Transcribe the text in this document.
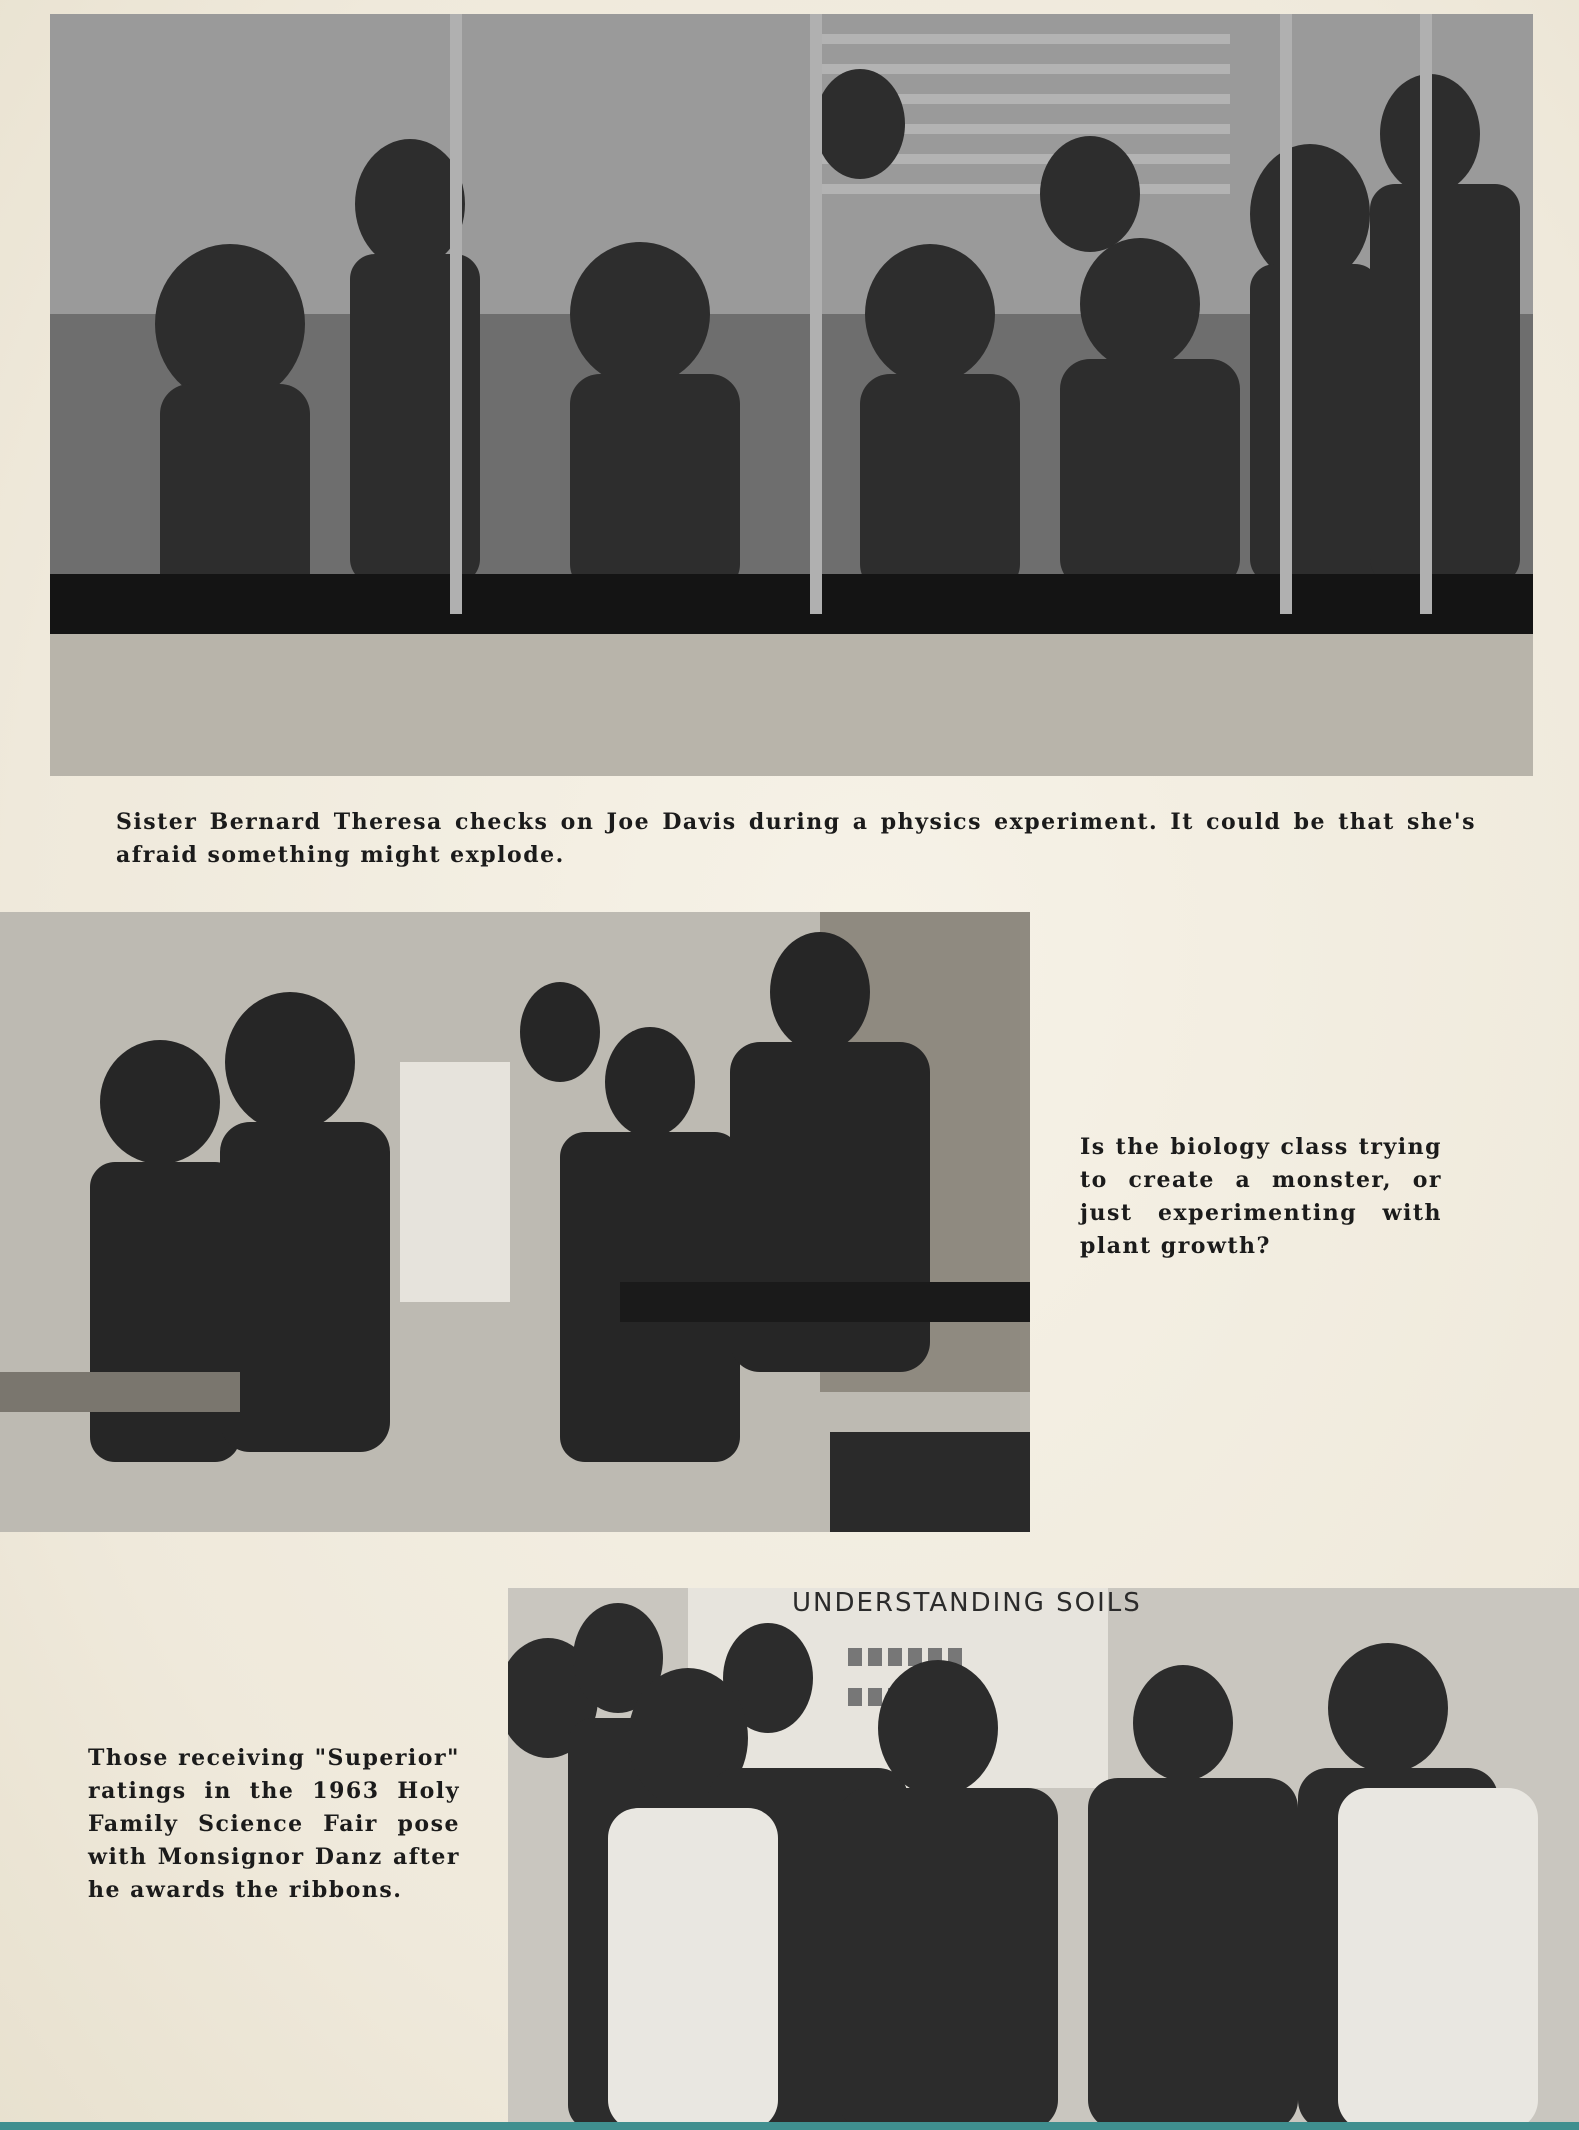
Sister Bernard Theresa checks on Joe Davis during a physics experiment. It could be that she's afraid something might explode.
Is the biology class trying to create a monster, or just experimenting with plant growth?
UNDERSTANDING SOILS
Those receiving "Superior" ratings in the 1963 Holy Family Science Fair pose with Monsignor Danz after he awards the ribbons.
